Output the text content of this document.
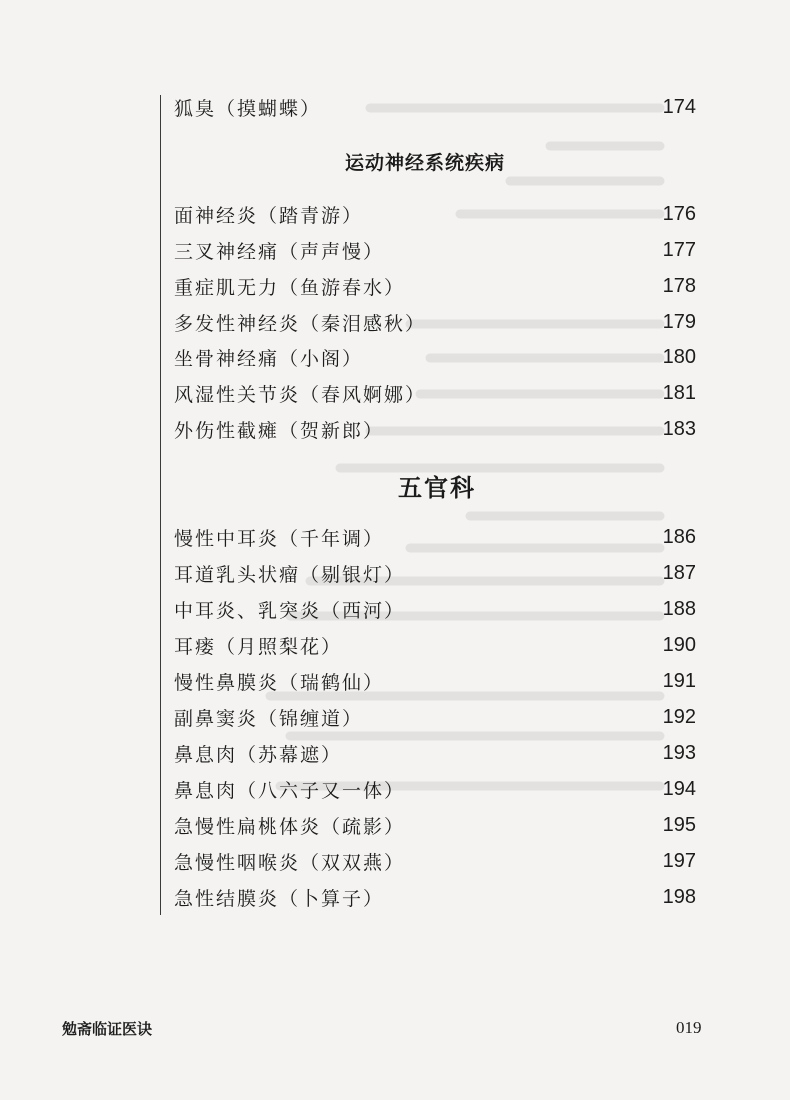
狐臭（摸蝴蝶）	174
面神经炎（踏青游）	176
三叉神经痛（声声慢）	177
重症肌无力（鱼游春水）	178
多发性神经炎（秦泪感秋）	179
坐骨神经痛（小阁）	180
风湿性关节炎（春风婀娜）	181
外伤性截瘫（贺新郎）	183
慢性中耳炎（千年调）	186
耳道乳头状瘤（剔银灯）	187
中耳炎、乳突炎（西河）	188
耳瘘（月照梨花）	190
慢性鼻膜炎（瑞鹤仙）	191
副鼻窦炎（锦缠道）	192
鼻息肉（苏幕遮）	193
鼻息肉（八六子又一体）	194
急慢性扁桃体炎（疏影）	195
急慢性咽喉炎（双双燕）	197
急性结膜炎（卜算子）	198
运动神经系统疾病
五官科
勉斋临证医诀	019
